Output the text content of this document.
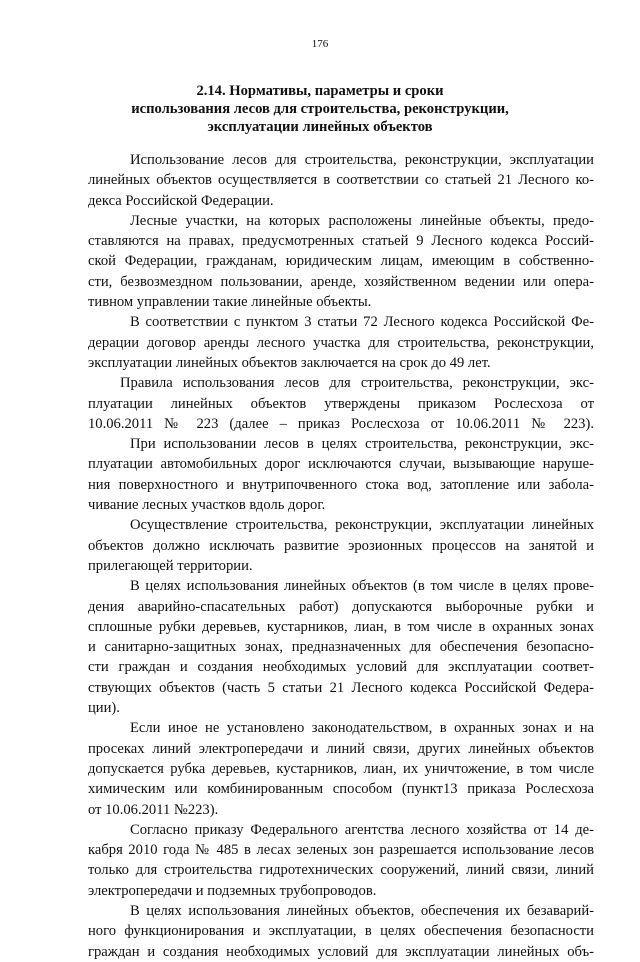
176
2.14. Нормативы, параметры и сроки
использования лесов для строительства, реконструкции,
эксплуатации линейных объектов

Использование лесов для строительства, реконструкции, эксплуатации
линейных объектов осуществляется в соответствии со статьей 21 Лесного ко-
декса Российской Федерации.

Лесные участки, на которых расположены линейные объекты, предо-
ставляются на правах, предусмотренных статьей 9 Лесного кодекса Россий-
ской Федерации, гражданам, юридическим лицам, имеющим в собственно-
сти, безвозмездном пользовании, аренде, хозяйственном ведении или опера-
тивном управлении такие линейные объекты.

В соответствии с пунктом 3 статьи 72 Лесного кодекса Российской Фе-
дерации договор аренды лесного участка для строительства, реконструкции,
эксплуатации линейных объектов заключается на срок до 49 лет.

Правила использования лесов для строительства, реконструкции, экс-
плуатации линейных объектов утверждены приказом Рослесхоза от
10.06.2011 № 223 (далее – приказ Рослесхоза от 10.06.2011 № 223).

При использовании лесов в целях строительства, реконструкции, экс-
плуатации автомобильных дорог исключаются случаи, вызывающие наруше-
ния поверхностного и внутрипочвенного стока вод, затопление или забола-
чивание лесных участков вдоль дорог.

Осуществление строительства, реконструкции, эксплуатации линейных
объектов должно исключать развитие эрозионных процессов на занятой и
прилегающей территории.

В целях использования линейных объектов (в том числе в целях прове-
дения аварийно-спасательных работ) допускаются выборочные рубки и
сплошные рубки деревьев, кустарников, лиан, в том числе в охранных зонах
и санитарно-защитных зонах, предназначенных для обеспечения безопасно-
сти граждан и создания необходимых условий для эксплуатации соответ-
ствующих объектов (часть 5 статьи 21 Лесного кодекса Российской Федера-
ции).

Если иное не установлено законодательством, в охранных зонах и на
просеках линий электропередачи и линий связи, других линейных объектов
допускается рубка деревьев, кустарников, лиан, их уничтожение, в том числе
химическим или комбинированным способом (пункт13 приказа Рослесхоза
от 10.06.2011 №223).

Согласно приказу Федерального агентства лесного хозяйства от 14 де-
кабря 2010 года № 485 в лесах зеленых зон разрешается использование лесов
только для строительства гидротехнических сооружений, линий связи, линий
электропередачи и подземных трубопроводов.

В целях использования линейных объектов, обеспечения их безаварий-
ного функционирования и эксплуатации, в целях обеспечения безопасности
граждан и создания необходимых условий для эксплуатации линейных объ-
